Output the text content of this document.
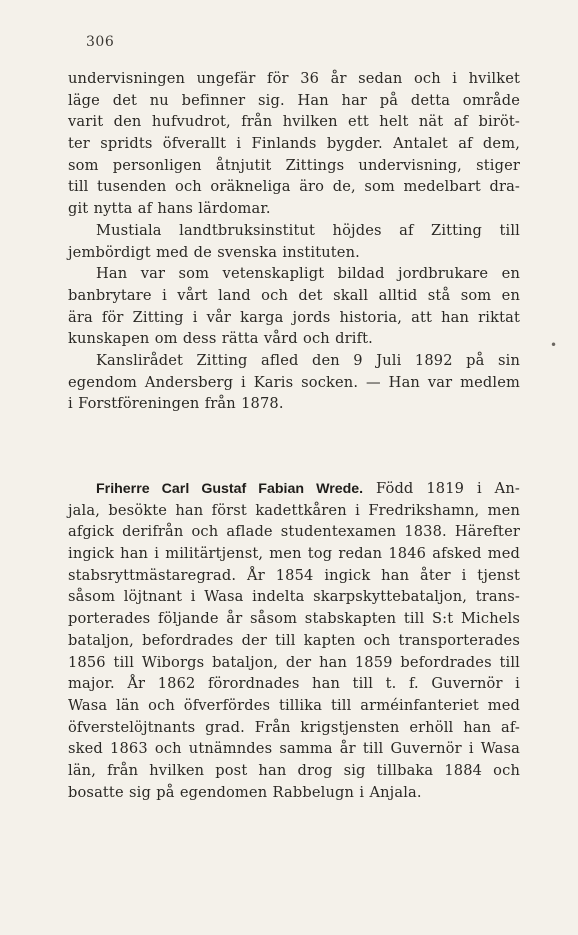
306
undervisningen ungefär för 36 år sedan och i hvilket
läge det nu befinner sig. Han har på detta område
varit den hufvudrot, från hvilken ett helt nät af biröt-
ter spridts öfverallt i Finlands bygder. Antalet af dem,
som personligen åtnjutit Zittings undervisning, stiger
till tusenden och oräkneliga äro de, som medelbart dra-
git nytta af hans lärdomar.
Mustiala landtbruksinstitut höjdes af Zitting till
jembördigt med de svenska instituten.
Han var som vetenskapligt bildad jordbrukare en
banbrytare i vårt land och det skall alltid stå som en
ära för Zitting i vår karga jords historia, att han riktat
kunskapen om dess rätta vård och drift.
Kanslirådet Zitting afled den 9 Juli 1892 på sin
egendom Andersberg i Karis socken. — Han var medlem
i Forstföreningen från 1878.
•
Friherre Carl Gustaf Fabian Wrede. Född 1819 i An-
jala, besökte han först kadettkåren i Fredrikshamn, men
afgick derifrån och aflade studentexamen 1838. Härefter
ingick han i militärtjenst, men tog redan 1846 afsked med
stabsryttmästaregrad. År 1854 ingick han åter i tjenst
såsom löjtnant i Wasa indelta skarpskyttebataljon, trans-
porterades följande år såsom stabskapten till S:t Michels
bataljon, befordrades der till kapten och transporterades
1856 till Wiborgs bataljon, der han 1859 befordrades till
major. År 1862 förordnades han till t. f. Guvernör i
Wasa län och öfverfördes tillika till arméinfanteriet med
öfverstelöjtnants grad. Från krigstjensten erhöll han af-
sked 1863 och utnämndes samma år till Guvernör i Wasa
län, från hvilken post han drog sig tillbaka 1884 och
bosatte sig på egendomen Rabbelugn i Anjala.
